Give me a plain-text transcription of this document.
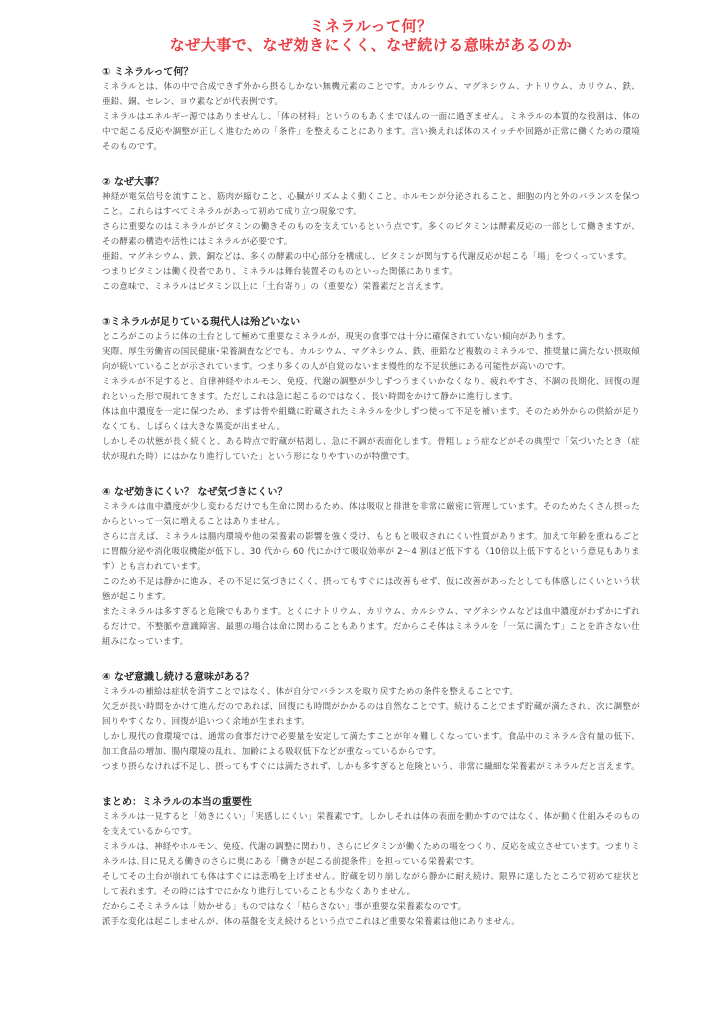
ミネラルって何？
なぜ大事で、なぜ効きにくく、なぜ続ける意味があるのか
① ミネラルって何？

ミネラルとは、体の中で合成できず外から摂るしかない無機元素のことです。カルシウム、マグネシウム、ナトリウム、カリウム、鉄、亜鉛、銅、セレン、ヨウ素などが代表例です。

ミネラルはエネルギー源ではありませんし、「体の材料」というのもあくまでほんの一面に過ぎません。ミネラルの本質的な役割は、体の中で起こる反応や調整が正しく進むための「条件」を整えることにあります。言い換えれば体のスイッチや回路が正常に働くための環境そのものです。

② なぜ大事？

神経が電気信号を流すこと、筋肉が縮むこと、心臓がリズムよく動くこと、ホルモンが分泌されること、細胞の内と外のバランスを保つこと。これらはすべてミネラルがあって初めて成り立つ現象です。

さらに重要なのはミネラルがビタミンの働きそのものを支えているという点です。多くのビタミンは酵素反応の一部として働きますが、その酵素の構造や活性にはミネラルが必要です。

亜鉛、マグネシウム、鉄、銅などは、多くの酵素の中心部分を構成し、ビタミンが関与する代謝反応が起こる「場」をつくっています。

つまりビタミンは働く役者であり、ミネラルは舞台装置そのものといった関係にあります。

この意味で、ミネラルはビタミン以上に「土台寄り」の（重要な）栄養素だと言えます。

③ミネラルが足りている現代人は殆どいない

ところがこのように体の土台として極めて重要なミネラルが、現実の食事では十分に確保されていない傾向があります。

実際、厚生労働省の国民健康･栄養調査などでも、カルシウム、マグネシウム、鉄、亜鉛など複数のミネラルで、推奨量に満たない摂取傾向が続いていることが示されています。つまり多くの人が自覚のないまま慢性的な不足状態にある可能性が高いのです。

ミネラルが不足すると、自律神経やホルモン、免疫、代謝の調整が少しずつうまくいかなくなり、疲れやすさ、不調の長期化、回復の遅れといった形で現れてきます。ただしこれは急に起こるのではなく、長い時間をかけて静かに進行します。

体は血中濃度を一定に保つため、まずは骨や組織に貯蔵されたミネラルを少しずつ使って不足を補います。そのため外からの供給が足りなくても、しばらくは大きな異変が出ません。

しかしその状態が長く続くと、ある時点で貯蔵が枯渇し、急に不調が表面化します。骨粗しょう症などがその典型で「気づいたとき（症状が現れた時）にはかなり進行していた」という形になりやすいのが特徴です。

④ なぜ効きにくい？ なぜ気づきにくい？

ミネラルは血中濃度が少し変わるだけでも生命に関わるため、体は吸収と排泄を非常に厳密に管理しています。そのためたくさん摂ったからといって一気に増えることはありません。

さらに言えば、ミネラルは腸内環境や他の栄養素の影響を強く受け、もともと吸収されにくい性質があります。加えて年齢を重ねるごとに胃酸分泌や消化吸収機能が低下し、30 代から 60 代にかけて吸収効率が 2〜4 割ほど低下する（10倍以上低下するという意見もあります）とも言われています。

このため不足は静かに進み、その不足に気づきにくく、摂ってもすぐには改善もせず、仮に改善があったとしても体感しにくいという状態が起こります。

またミネラルは多すぎると危険でもあります。とくにナトリウム、カリウム、カルシウム、マグネシウムなどは血中濃度がわずかにずれるだけで、不整脈や意識障害、最悪の場合は命に関わることもあります。だからこそ体はミネラルを「一気に満たす」ことを許さない仕組みになっています。

④ なぜ意識し続ける意味がある？

ミネラルの補給は症状を消すことではなく、体が自分でバランスを取り戻すための条件を整えることです。

欠乏が長い時間をかけて進んだのであれば、回復にも時間がかかるのは自然なことです。続けることでまず貯蔵が満たされ、次に調整が回りやすくなり、回復が追いつく余地が生まれます。

しかし現代の食環境では、通常の食事だけで必要量を安定して満たすことが年々難しくなっています。食品中のミネラル含有量の低下、加工食品の増加、腸内環境の乱れ、加齢による吸収低下などが重なっているからです。

つまり摂らなければ不足し、摂ってもすぐには満たされず、しかも多すぎると危険という、非常に繊細な栄養素がミネラルだと言えます。

まとめ：ミネラルの本当の重要性

ミネラルは一見すると「効きにくい」「実感しにくい」栄養素です。しかしそれは体の表面を動かすのではなく、体が動く仕組みそのものを支えているからです。

ミネラルは、神経やホルモン、免疫、代謝の調整に関わり、さらにビタミンが働くための場をつくり、反応を成立させています。つまりミネラルは､目に見える働きのさらに奥にある「働きが起こる前提条件」を担っている栄養素です。

そしてその土台が崩れても体はすぐには悲鳴を上げません。貯蔵を切り崩しながら静かに耐え続け、限界に達したところで初めて症状として表れます。その時にはすでにかなり進行していることも少なくありません。

だからこそミネラルは「効かせる」ものではなく「枯らさない」事が重要な栄養素なのです。

派手な変化は起こしませんが、体の基盤を支え続けるという点でこれほど重要な栄養素は他にありません。
